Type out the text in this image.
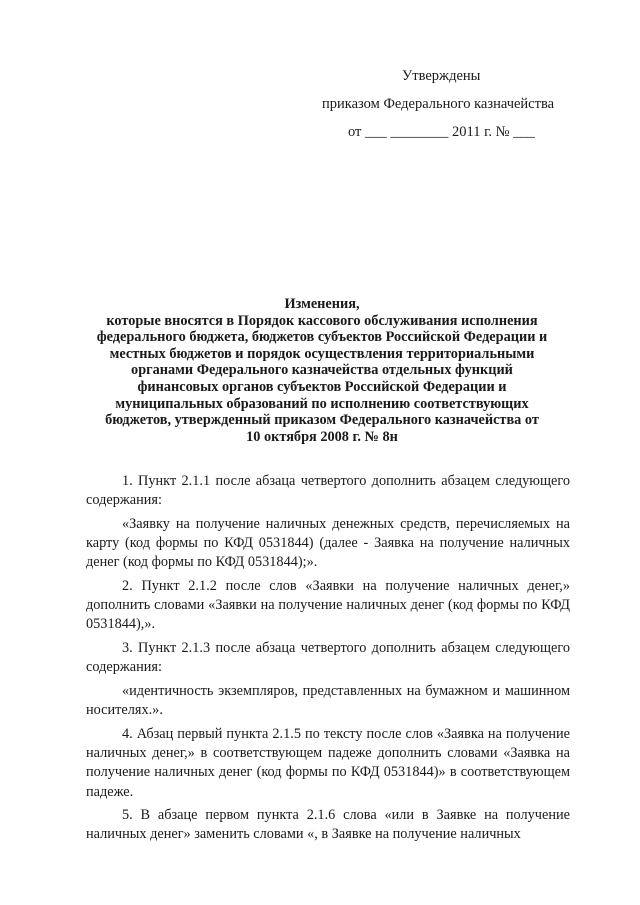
Утверждены
приказом Федерального казначейства
от ___ ________ 2011 г. № ___
Изменения,
которые вносятся в Порядок кассового обслуживания исполнения
федерального бюджета, бюджетов субъектов Российской Федерации и
местных бюджетов и порядок осуществления территориальными
органами Федерального казначейства отдельных функций
финансовых органов субъектов Российской Федерации и
муниципальных образований по исполнению соответствующих
бюджетов, утвержденный приказом Федерального казначейства от
10 октября 2008 г. № 8н

1. Пункт 2.1.1 после абзаца четвертого дополнить абзацем следующего содержания:

«Заявку на получение наличных денежных средств, перечисляемых на карту (код формы по КФД 0531844) (далее - Заявка на получение наличных денег (код формы по КФД 0531844);».

2. Пункт 2.1.2 после слов «Заявки на получение наличных денег,» дополнить словами «Заявки на получение наличных денег (код формы по КФД 0531844),».

3. Пункт 2.1.3 после абзаца четвертого дополнить абзацем следующего содержания:

«идентичность экземпляров, представленных на бумажном и машинном носителях.».

4. Абзац первый пункта 2.1.5 по тексту после слов «Заявка на получение наличных денег,» в соответствующем падеже дополнить словами «Заявка на получение наличных денег (код формы по КФД 0531844)» в соответствующем падеже.

5. В абзаце первом пункта 2.1.6 слова «или в Заявке на получение наличных денег» заменить словами «, в Заявке на получение наличных
